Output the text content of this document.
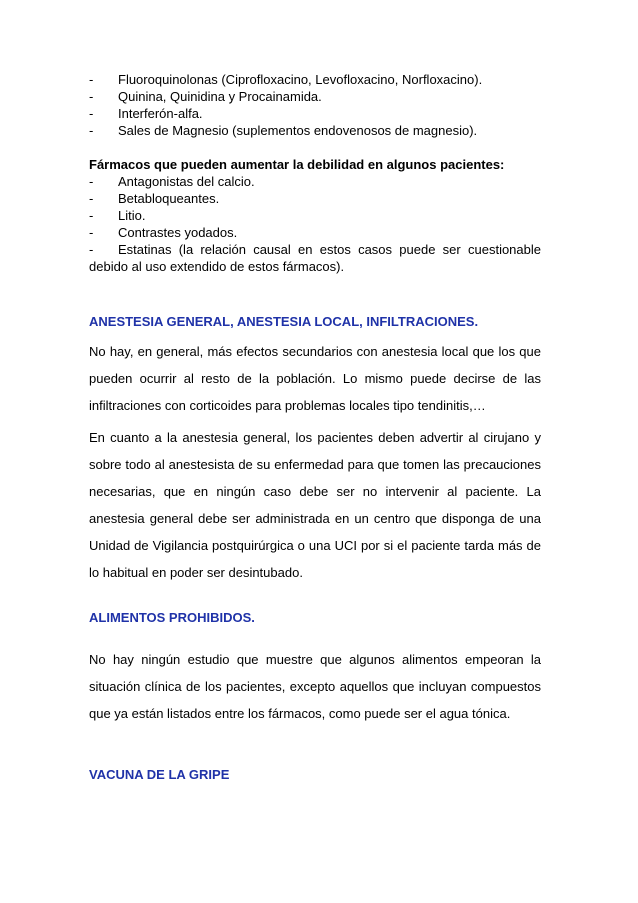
- Fluoroquinolonas (Ciprofloxacino, Levofloxacino, Norfloxacino).
- Quinina, Quinidina y Procainamida.
- Interferón-alfa.
- Sales de Magnesio (suplementos endovenosos de magnesio).
Fármacos que pueden aumentar la debilidad en algunos pacientes:
- Antagonistas del calcio.
- Betabloqueantes.
- Litio.
- Contrastes yodados.
- Estatinas (la relación causal en estos casos puede ser cuestionable debido al uso extendido de estos fármacos).
ANESTESIA GENERAL, ANESTESIA LOCAL, INFILTRACIONES.
No hay, en general, más efectos secundarios con anestesia local que los que pueden ocurrir al resto de la población. Lo mismo puede decirse de las infiltraciones con corticoides para problemas locales tipo tendinitis,…
En cuanto a la anestesia general, los pacientes deben advertir al cirujano y sobre todo al anestesista de su enfermedad para que tomen las precauciones necesarias, que en ningún caso debe ser no intervenir al paciente. La anestesia general debe ser administrada en un centro que disponga de una Unidad de Vigilancia postquirúrgica o una UCI por si el paciente tarda más de lo habitual en poder ser desintubado.
ALIMENTOS PROHIBIDOS.
No hay ningún estudio que muestre que algunos alimentos empeoran la situación clínica de los pacientes, excepto aquellos que incluyan compuestos que ya están listados entre los fármacos, como puede ser el agua tónica.
VACUNA DE LA GRIPE
